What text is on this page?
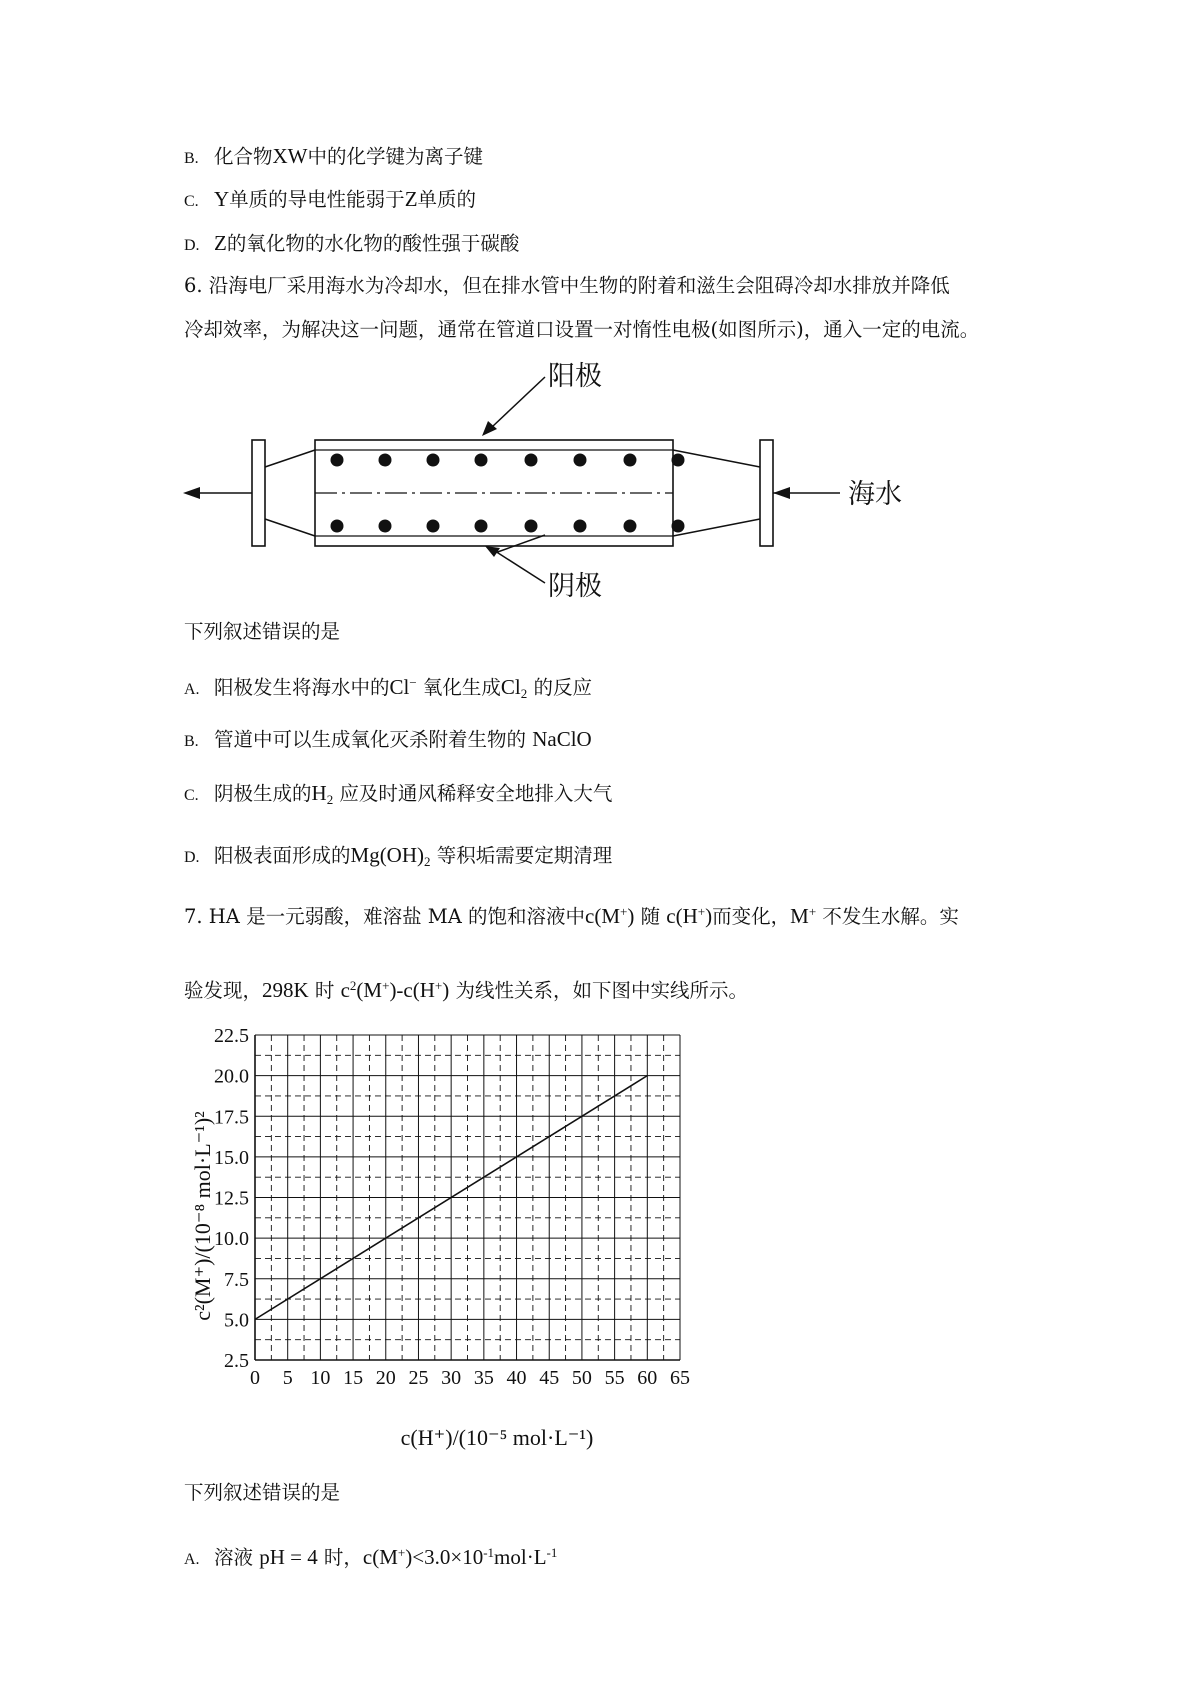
B. 化合物XW中的化学键为离子键
C. Y单质的导电性能弱于Z单质的
D. Z的氧化物的水化物的酸性强于碳酸
6. 沿海电厂采用海水为冷却水，但在排水管中生物的附着和滋生会阻碍冷却水排放并降低
冷却效率，为解决这一问题，通常在管道口设置一对惰性电极(如图所示)，通入一定的电流。
阳极
阴极
海水
下列叙述错误的是
A. 阳极发生将海水中的Cl− 氧化生成$Cl_2$ 的反应
B. 管道中可以生成氧化灭杀附着生物的 NaClO
C. 阴极生成的$H_2$ 应及时通风稀释安全地排入大气
D. 阳极表面形成的$Mg(OH)_2$ 等积垢需要定期清理
7. HA 是一元弱酸，难溶盐 MA 的饱和溶液中c(M+) 随 c(H+)而变化，M+ 不发生水解。实
验发现，298K 时 $c^2(M^+)-c(H^+)$ 为线性关系，如下图中实线所示。
0 5 10 15 20 25 30 35 40 45 50 55 60 65
2.5
5.0
7.5
10.0
12.5
15.0
17.5
20.0
22.5
c(H⁺)/(10⁻⁵ mol·L⁻¹)
c²(M⁺)/(10⁻⁸ mol·L⁻¹)²
下列叙述错误的是
A. 溶液 pH = 4 时，$c(M^+)<3.0\times 10^{-1}mol\cdot L^{-1}$
